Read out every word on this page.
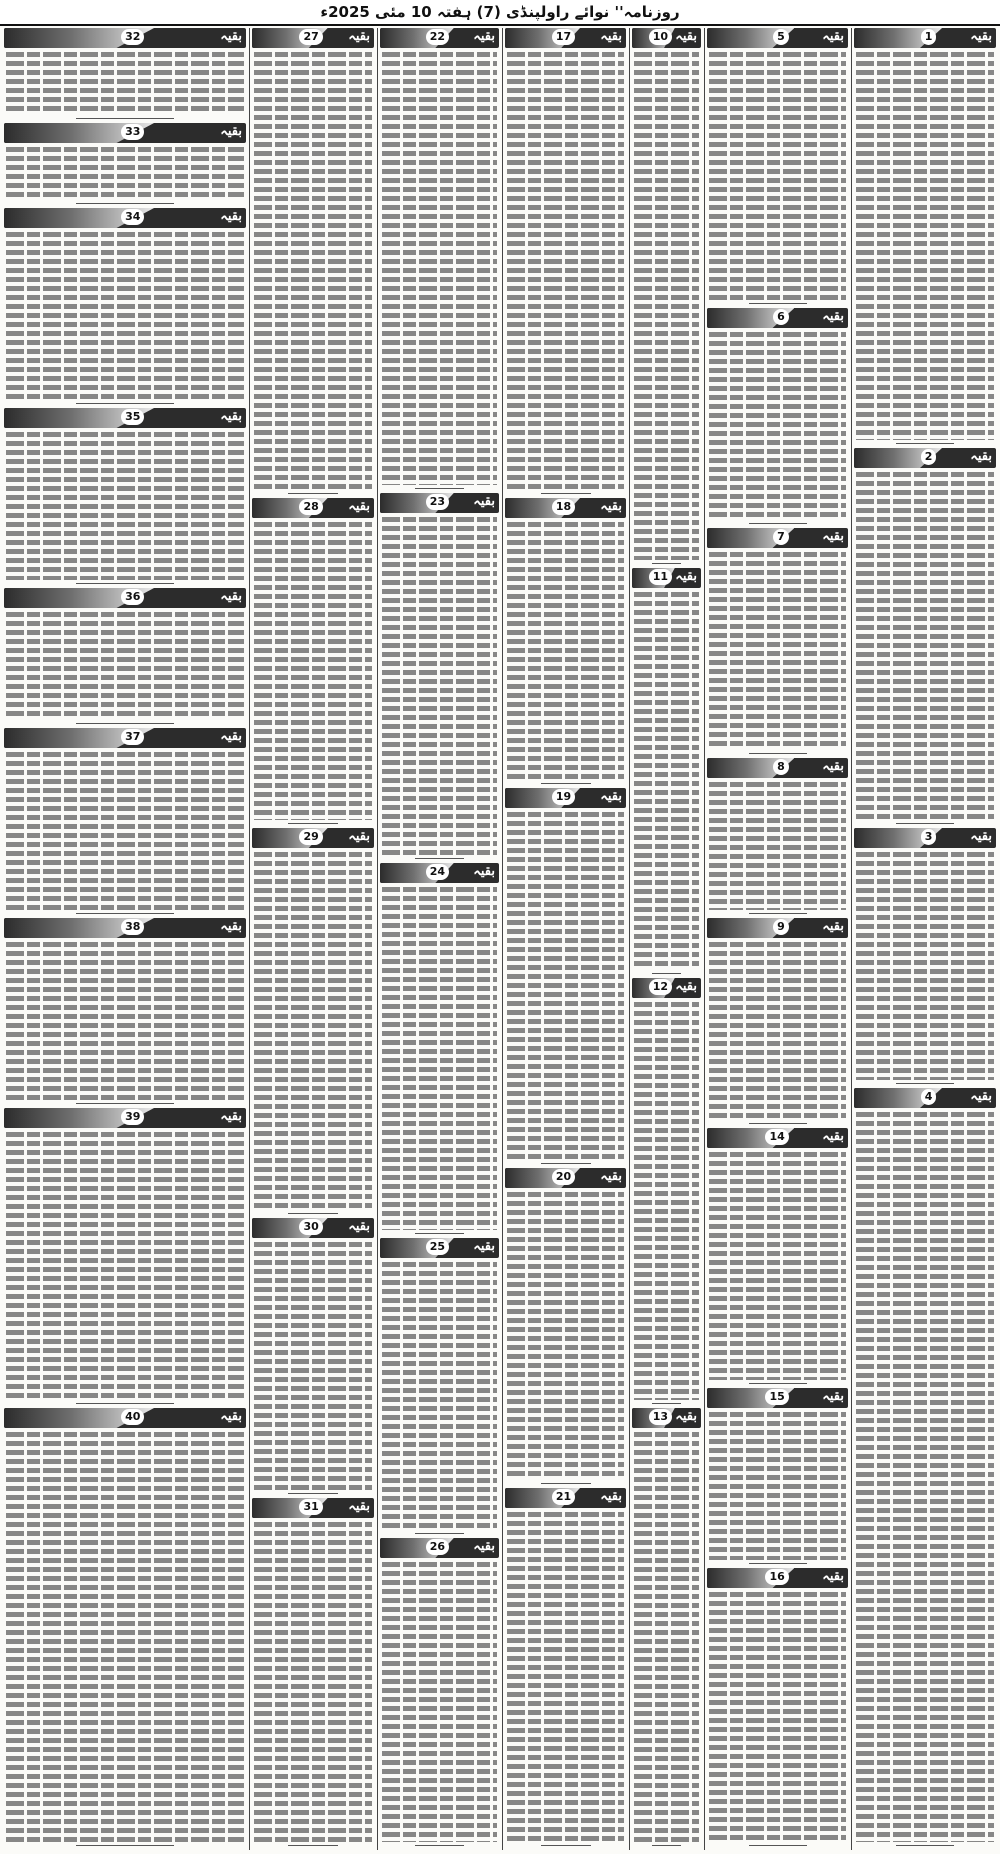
روزنامہ'' نوائے راولپنڈی (7) ہفتہ 10 مئی 2025ء
بقیہ
1
بقیہ
2
بقیہ
3
بقیہ
4
بقیہ
5
بقیہ
6
بقیہ
7
بقیہ
8
بقیہ
9
بقیہ
14
بقیہ
15
بقیہ
16
بقیہ
10
بقیہ
11
بقیہ
12
بقیہ
13
بقیہ
17
بقیہ
18
بقیہ
19
بقیہ
20
بقیہ
21
بقیہ
22
بقیہ
23
بقیہ
24
بقیہ
25
بقیہ
26
بقیہ
27
بقیہ
28
بقیہ
29
بقیہ
30
بقیہ
31
بقیہ
32
بقیہ
33
بقیہ
34
بقیہ
35
بقیہ
36
بقیہ
37
بقیہ
38
بقیہ
39
بقیہ
40
